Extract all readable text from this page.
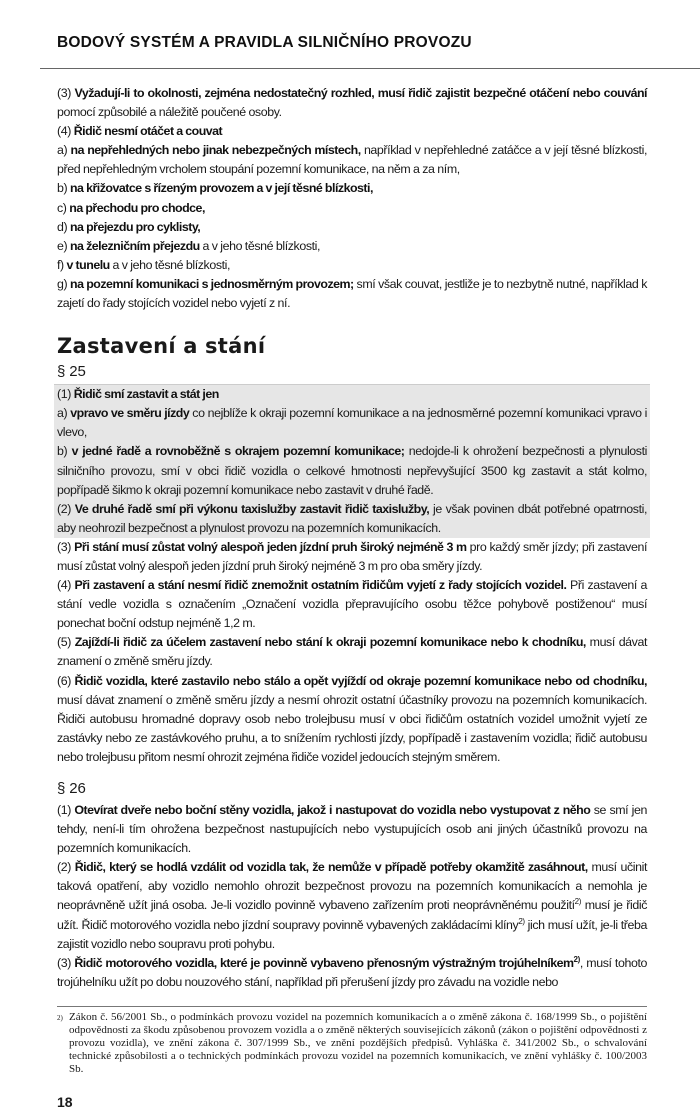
BODOVÝ SYSTÉM A PRAVIDLA SILNIČNÍHO PROVOZU

(3) Vyžadují-li to okolnosti, zejména nedostatečný rozhled, musí řidič zajistit bezpečné otáčení nebo couvání pomocí způsobilé a náležitě poučené osoby.

(4) Řidič nesmí otáčet a couvat

a) na nepřehledných nebo jinak nebezpečných místech, například v nepřehledné zatáčce a v její těsné blízkosti, před nepřehledným vrcholem stoupání pozemní komunikace, na něm a za ním,

b) na křižovatce s řízeným provozem a v její těsné blízkosti,

c) na přechodu pro chodce,

d) na přejezdu pro cyklisty,

e) na železničním přejezdu a v jeho těsné blízkosti,

f) v tunelu a v jeho těsné blízkosti,

g) na pozemní komunikaci s jednosměrným provozem; smí však couvat, jestliže je to nezbytně nutné, například k zajetí do řady stojících vozidel nebo vyjetí z ní.

Zastavení a stání
§ 25

(1) Řidič smí zastavit a stát jen

a) vpravo ve směru jízdy co nejblíže k okraji pozemní komunikace a na jednosměrné pozemní komunikaci vpravo i vlevo,

b) v jedné řadě a rovnoběžně s okrajem pozemní komunikace; nedojde-li k ohrožení bezpečnosti a plynulosti silničního provozu, smí v obci řidič vozidla o celkové hmotnosti nepřevyšující 3500 kg zastavit a stát kolmo, popřípadě šikmo k okraji pozemní komunikace nebo zastavit v druhé řadě.

(2) Ve druhé řadě smí při výkonu taxislužby zastavit řidič taxislužby, je však povinen dbát potřebné opatrnosti, aby neohrozil bezpečnost a plynulost provozu na pozemních komunikacích.

(3) Při stání musí zůstat volný alespoň jeden jízdní pruh široký nejméně 3 m pro každý směr jízdy; při zastavení musí zůstat volný alespoň jeden jízdní pruh široký nejméně 3 m pro oba směry jízdy.

(4) Při zastavení a stání nesmí řidič znemožnit ostatním řidičům vyjetí z řady stojících vozidel. Při zastavení a stání vedle vozidla s označením „Označení vozidla přepravujícího osobu těžce pohybově postiženou“ musí ponechat boční odstup nejméně 1,2 m.

(5) Zajíždí-li řidič za účelem zastavení nebo stání k okraji pozemní komunikace nebo k chodníku, musí dávat znamení o změně směru jízdy.

(6) Řidič vozidla, které zastavilo nebo stálo a opět vyjíždí od okraje pozemní komunikace nebo od chodníku, musí dávat znamení o změně směru jízdy a nesmí ohrozit ostatní účastníky provozu na pozemních komunikacích. Řidiči autobusu hromadné dopravy osob nebo trolejbusu musí v obci řidičům ostatních vozidel umožnit vyjetí ze zastávky nebo ze zastávkového pruhu, a to snížením rychlosti jízdy, popřípadě i zastavením vozidla; řidič autobusu nebo trolejbusu přitom nesmí ohrozit zejména řidiče vozidel jedoucích stejným směrem.

§ 26

(1) Otevírat dveře nebo boční stěny vozidla, jakož i nastupovat do vozidla nebo vystupovat z něho se smí jen tehdy, není-li tím ohrožena bezpečnost nastupujících nebo vystupujících osob ani jiných účastníků provozu na pozemních komunikacích.

(2) Řidič, který se hodlá vzdálit od vozidla tak, že nemůže v případě potřeby okamžitě zasáhnout, musí učinit taková opatření, aby vozidlo nemohlo ohrozit bezpečnost provozu na pozemních komunikacích a nemohla je neoprávněně užít jiná osoba. Je-li vozidlo povinně vybaveno zařízením proti neoprávněnému použití$^{2)}$ musí je řidič užít. Řidič motorového vozidla nebo jízdní soupravy povinně vybavených zakládacími klíny$^{2)}$ jich musí užít, je-li třeba zajistit vozidlo nebo soupravu proti pohybu.

(3) Řidič motorového vozidla, které je povinně vybaveno přenosným výstražným trojúhelníkem$^{2)}$, musí tohoto trojúhelníku užít po dobu nouzového stání, například při přerušení jízdy pro závadu na vozidle nebo

2) Zákon č. 56/2001 Sb., o podmínkách provozu vozidel na pozemních komunikacích a o změně zákona č. 168/1999 Sb., o pojištění odpovědnosti za škodu způsobenou provozem vozidla a o změně některých souvisejících zákonů (zákon o pojištění odpovědnosti z provozu vozidla), ve znění zákona č. 307/1999 Sb., ve znění pozdějších předpisů. Vyhláška č. 341/2002 Sb., o schvalování technické způsobilosti a o technických podmínkách provozu vozidel na pozemních komunikacích, ve znění vyhlášky č. 100/2003 Sb.
18
